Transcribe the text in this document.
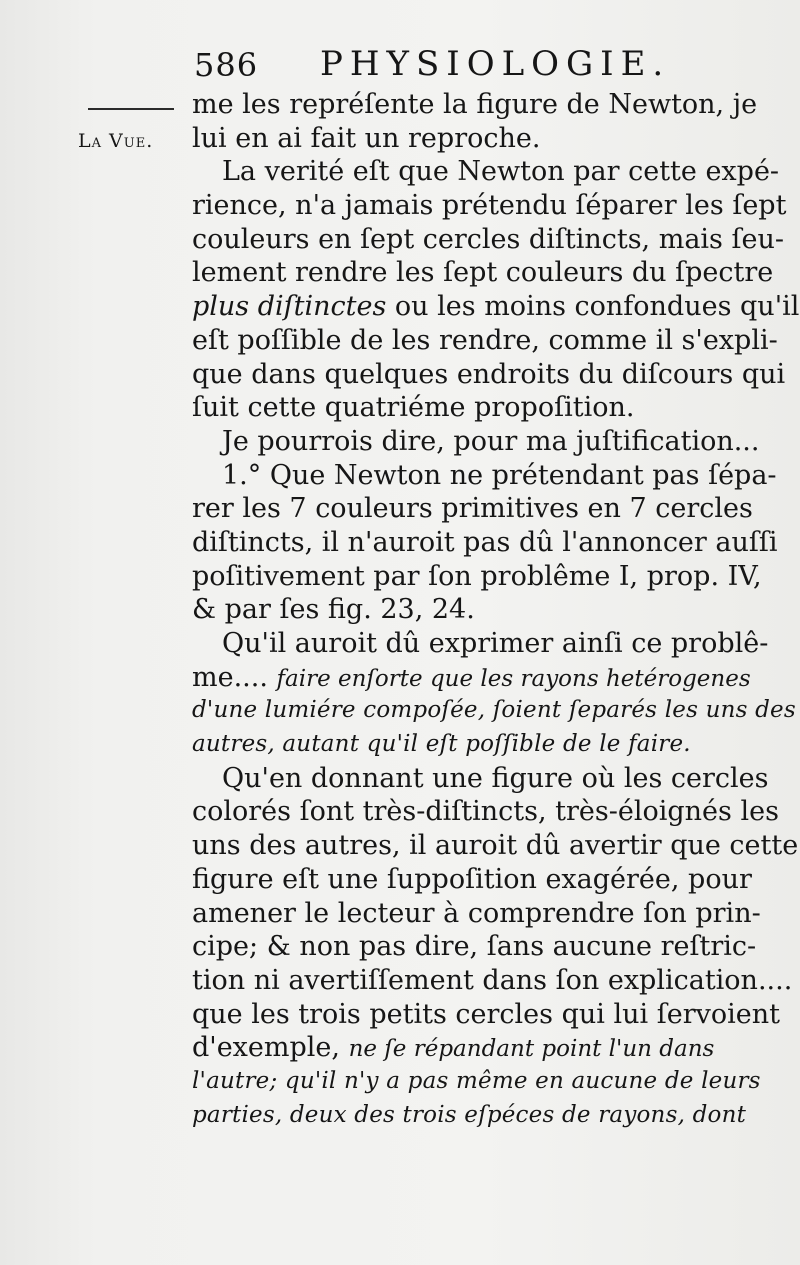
586 PHYSIOLOGIE.
La Vue.
me les repréſente la figure de Newton, je
lui en ai fait un reproche.
La verité eſt que Newton par cette expé-
rience, n'a jamais prétendu ſéparer les ſept
couleurs en ſept cercles diſtincts, mais ſeu-
lement rendre les ſept couleurs du ſpectre
plus diſtinctes ou les moins confondues qu'il
eſt poſſible de les rendre, comme il s'expli-
que dans quelques endroits du diſcours qui
ſuit cette quatriéme propoſition.
Je pourrois dire, pour ma juſtification...
1.° Que Newton ne prétendant pas ſépa-
rer les 7 couleurs primitives en 7 cercles
diſtincts, il n'auroit pas dû l'annoncer auſſi
poſitivement par ſon problême I, prop. IV,
& par ſes fig. 23, 24.
Qu'il auroit dû exprimer ainſi ce problê-
me.... faire enſorte que les rayons hetérogenes
d'une lumiére compoſée, ſoient ſeparés les uns des
autres, autant qu'il eſt poſſible de le faire.
Qu'en donnant une figure où les cercles
colorés ſont très-diſtincts, très-éloignés les
uns des autres, il auroit dû avertir que cette
figure eſt une ſuppoſition exagérée, pour
amener le lecteur à comprendre ſon prin-
cipe; & non pas dire, ſans aucune reſtric-
tion ni avertiſſement dans ſon explication....
que les trois petits cercles qui lui ſervoient
d'exemple, ne ſe répandant point l'un dans
l'autre; qu'il n'y a pas même en aucune de leurs
parties, deux des trois eſpéces de rayons, dont
